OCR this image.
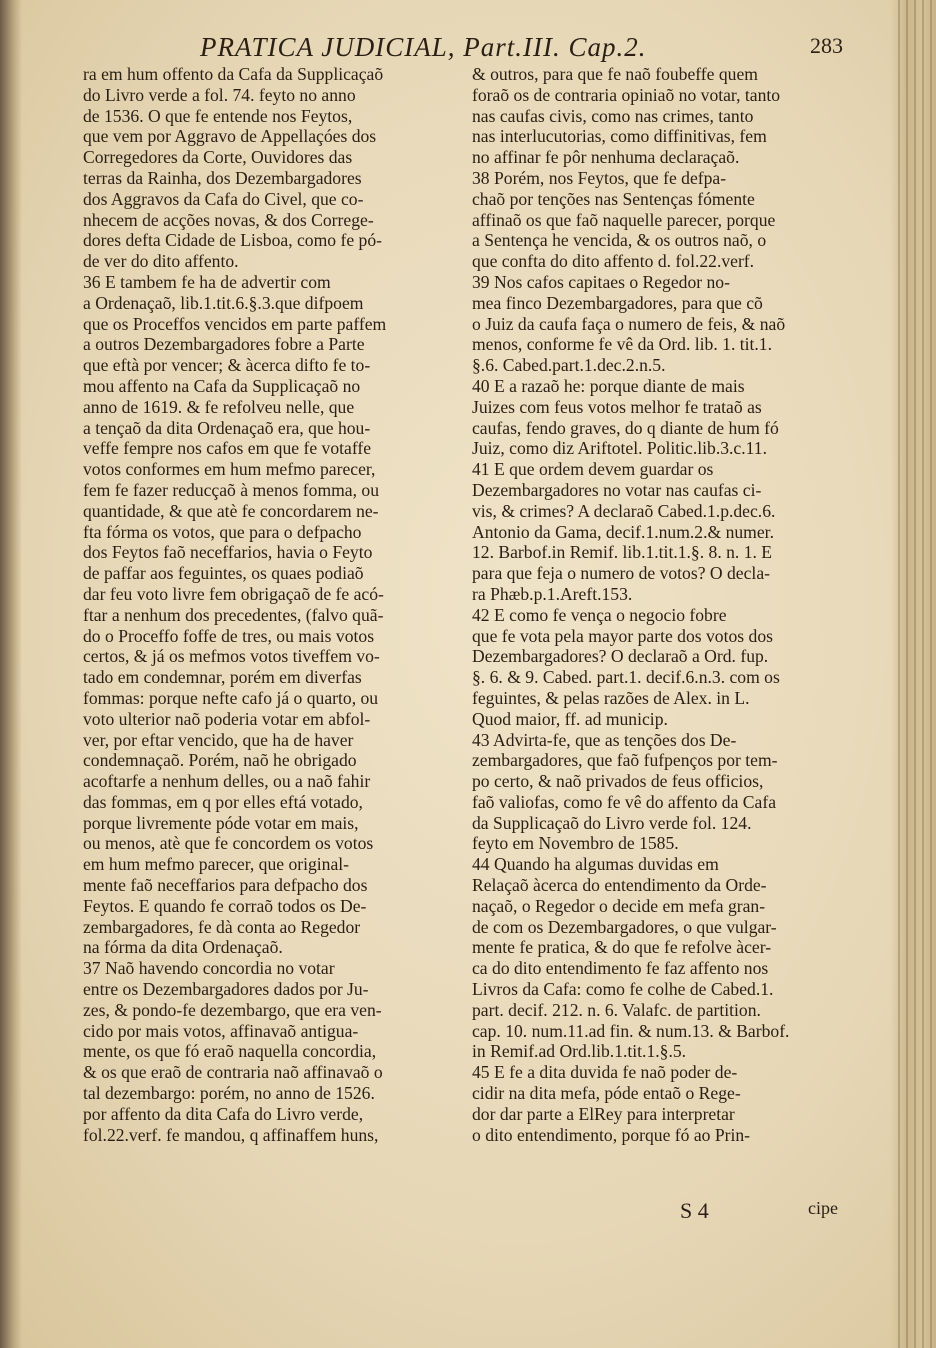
PRATICA JUDICIAL, Part.III. Cap.2.	283
ra em hum offento da Cafa da Supplicaçaõ
do Livro verde a fol. 74. feyto no anno
de 1536. O que fe entende nos Feytos,
que vem por Aggravo de Appellaçóes dos
Corregedores da Corte, Ouvidores das
terras da Rainha, dos Dezembargadores
dos Aggravos da Cafa do Civel, que co-
nhecem de acções novas, & dos Correge-
dores defta Cidade de Lisboa, como fe pó-
de ver do dito affento.
36 E tambem fe ha de advertir com
a Ordenaçaõ, lib.1.tit.6.§.3.que difpoem
que os Proceffos vencidos em parte paffem
a outros Dezembargadores fobre a Parte
que eftà por vencer; & àcerca difto fe to-
mou affento na Cafa da Supplicaçaõ no
anno de 1619. & fe refolveu nelle, que
a tençaõ da dita Ordenaçaõ era, que hou-
veffe fempre nos cafos em que fe votaffe
votos conformes em hum mefmo parecer,
fem fe fazer reducçaõ à menos fomma, ou
quantidade, & que atè fe concordarem ne-
fta fórma os votos, que para o defpacho
dos Feytos faõ neceffarios, havia o Feyto
de paffar aos feguintes, os quaes podiaõ
dar feu voto livre fem obrigaçaõ de fe acó-
ftar a nenhum dos precedentes, (falvo quã-
do o Proceffo foffe de tres, ou mais votos
certos, & já os mefmos votos tiveffem vo-
tado em condemnar, porém em diverfas
fommas: porque nefte cafo já o quarto, ou
voto ulterior naõ poderia votar em abfol-
ver, por eftar vencido, que ha de haver
condemnaçaõ. Porém, naõ he obrigado
acoftarfe a nenhum delles, ou a naõ fahir
das fommas, em q por elles eftá votado,
porque livremente póde votar em mais,
ou menos, atè que fe concordem os votos
em hum mefmo parecer, que original-
mente faõ neceffarios para defpacho dos
Feytos. E quando fe corraõ todos os De-
zembargadores, fe dà conta ao Regedor
na fórma da dita Ordenaçaõ.
37 Naõ havendo concordia no votar
entre os Dezembargadores dados por Ju-
zes, & pondo-fe dezembargo, que era ven-
cido por mais votos, affinavaõ antigua-
mente, os que fó eraõ naquella concordia,
& os que eraõ de contraria naõ affinavaõ o
tal dezembargo: porém, no anno de 1526.
por affento da dita Cafa do Livro verde,
fol.22.verf. fe mandou, q affinaffem huns,
& outros, para que fe naõ foubeffe quem
foraõ os de contraria opiniaõ no votar, tanto
nas caufas civis, como nas crimes, tanto
nas interlucutorias, como diffinitivas, fem
no affinar fe pôr nenhuma declaraçaõ.
38 Porém, nos Feytos, que fe defpa-
chaõ por tenções nas Sentenças fómente
affinaõ os que faõ naquelle parecer, porque
a Sentença he vencida, & os outros naõ, o
que confta do dito affento d. fol.22.verf.
39 Nos cafos capitaes o Regedor no-
mea finco Dezembargadores, para que cõ
o Juiz da caufa faça o numero de feis, & naõ
menos, conforme fe vê da Ord. lib. 1. tit.1.
§.6. Cabed.part.1.dec.2.n.5.
40 E a razaõ he: porque diante de mais
Juizes com feus votos melhor fe trataõ as
caufas, fendo graves, do q diante de hum fó
Juiz, como diz Ariftotel. Politic.lib.3.c.11.
41 E que ordem devem guardar os
Dezembargadores no votar nas caufas ci-
vis, & crimes? A declaraõ Cabed.1.p.dec.6.
Antonio da Gama, decif.1.num.2.& numer.
12. Barbof.in Remif. lib.1.tit.1.§. 8. n. 1. E
para que feja o numero de votos? O decla-
ra Phæb.p.1.Areft.153.
42 E como fe vença o negocio fobre
que fe vota pela mayor parte dos votos dos
Dezembargadores? O declaraõ a Ord. fup.
§. 6. & 9. Cabed. part.1. decif.6.n.3. com os
feguintes, & pelas razões de Alex. in L.
Quod maior, ff. ad municip.
43 Advirta-fe, que as tenções dos De-
zembargadores, que faõ fufpenços por tem-
po certo, & naõ privados de feus officios,
faõ valiofas, como fe vê do affento da Cafa
da Supplicaçaõ do Livro verde fol. 124.
feyto em Novembro de 1585.
44 Quando ha algumas duvidas em
Relaçaõ àcerca do entendimento da Orde-
naçaõ, o Regedor o decide em mefa gran-
de com os Dezembargadores, o que vulgar-
mente fe pratica, & do que fe refolve àcer-
ca do dito entendimento fe faz affento nos
Livros da Cafa: como fe colhe de Cabed.1.
part. decif. 212. n. 6. Valafc. de partition.
cap. 10. num.11.ad fin. & num.13. & Barbof.
in Remif.ad Ord.lib.1.tit.1.§.5.
45 E fe a dita duvida fe naõ poder de-
cidir na dita mefa, póde entaõ o Rege-
dor dar parte a ElRey para interpretar
o dito entendimento, porque fó ao Prin-
S 4	cipe
